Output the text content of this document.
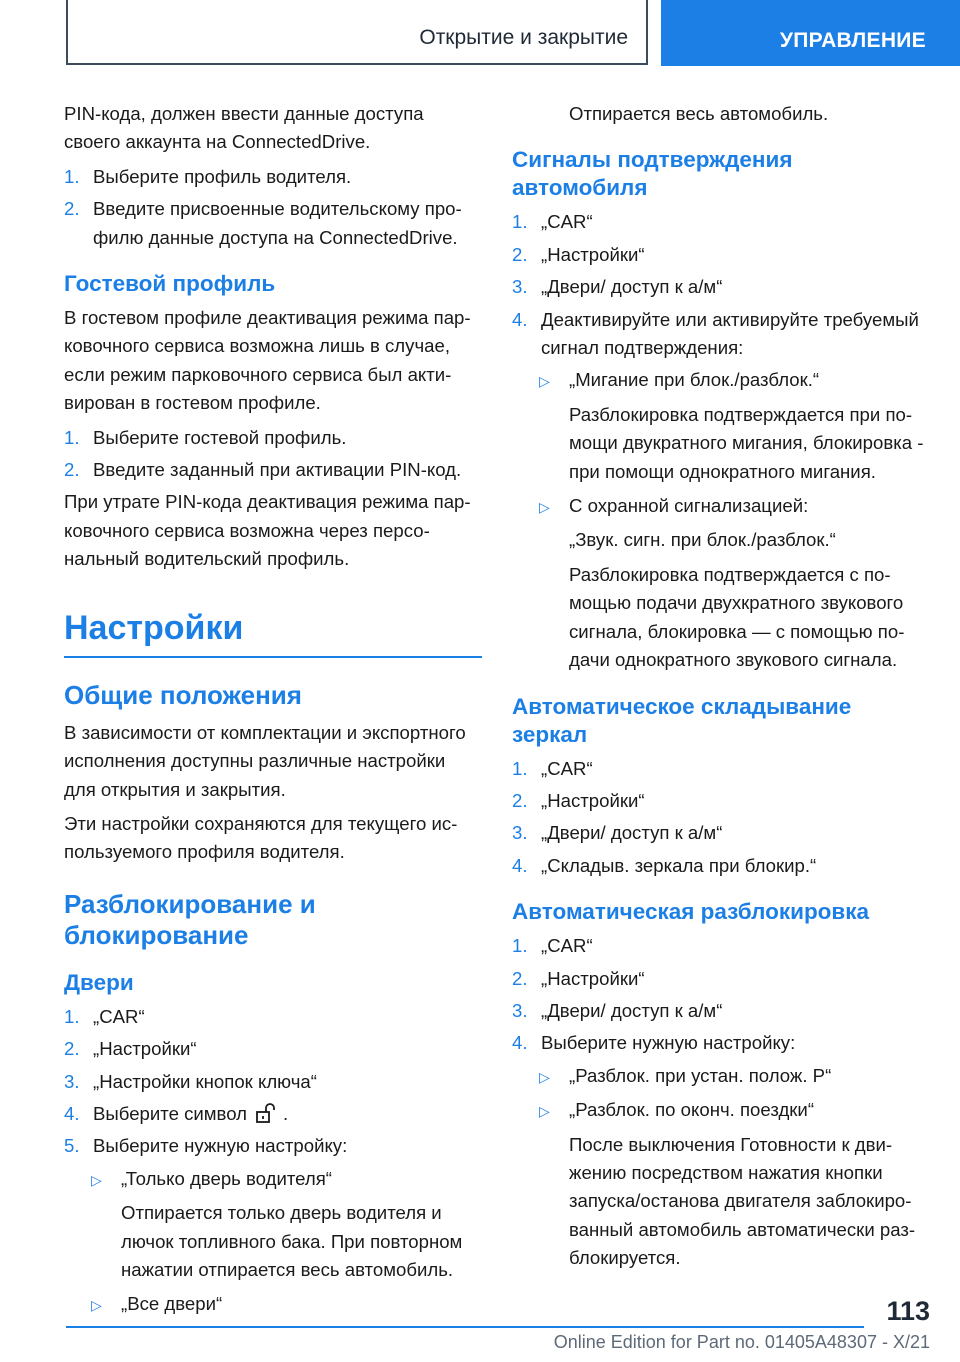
Открытие и закрытие	УПРАВЛЕНИЕ

PIN-кода, должен ввести данные доступа своего аккаунта на ConnectedDrive.

1. Выберите профиль водителя.
2. Введите присвоенные водительскому профилю данные доступа на ConnectedDrive.
Гостевой профиль

В гостевом профиле деактивация режима парковочного сервиса возможна лишь в случае, если режим парковочного сервиса был активирован в гостевом профиле.

1. Выберите гостевой профиль.
2. Введите заданный при активации PIN-код.

При утрате PIN-кода деактивация режима парковочного сервиса возможна через персональный водительский профиль.

Настройки
Общие положения

В зависимости от комплектации и экспортного исполнения доступны различные настройки для открытия и закрытия.

Эти настройки сохраняются для текущего используемого профиля водителя.

Разблокирование и блокирование
Двери
1. „CAR“
2. „Настройки“
3. „Настройки кнопок ключа“
4. Выберите символ .
5. Выберите нужную настройку:
▷ „Только дверь водителя“
Отпирается только дверь водителя и лючок топливного бака. При повторном нажатии отпирается весь автомобиль.
▷ „Все двери“

Отпирается весь автомобиль.

Сигналы подтверждения автомобиля
1. „CAR“
2. „Настройки“
3. „Двери/ доступ к а/м“
4. Деактивируйте или активируйте требуемый сигнал подтверждения:
▷ „Мигание при блок./разблок.“
Разблокировка подтверждается при помощи двукратного мигания, блокировка - при помощи однократного мигания.
▷ С охранной сигнализацией:
„Звук. сигн. при блок./разблок.“
Разблокировка подтверждается с помощью подачи двухкратного звукового сигнала, блокировка — с помощью подачи однократного звукового сигнала.
Автоматическое складывание зеркал
1. „CAR“
2. „Настройки“
3. „Двери/ доступ к а/м“
4. „Складыв. зеркала при блокир.“
Автоматическая разблокировка
1. „CAR“
2. „Настройки“
3. „Двери/ доступ к а/м“
4. Выберите нужную настройку:
▷ „Разблок. при устан. полож. P“
▷ „Разблок. по оконч. поездки“
После выключения Готовности к движению посредством нажатия кнопки запуска/останова двигателя заблокированный автомобиль автоматически разблокируется.
113
Online Edition for Part no. 01405A48307 - X/21
